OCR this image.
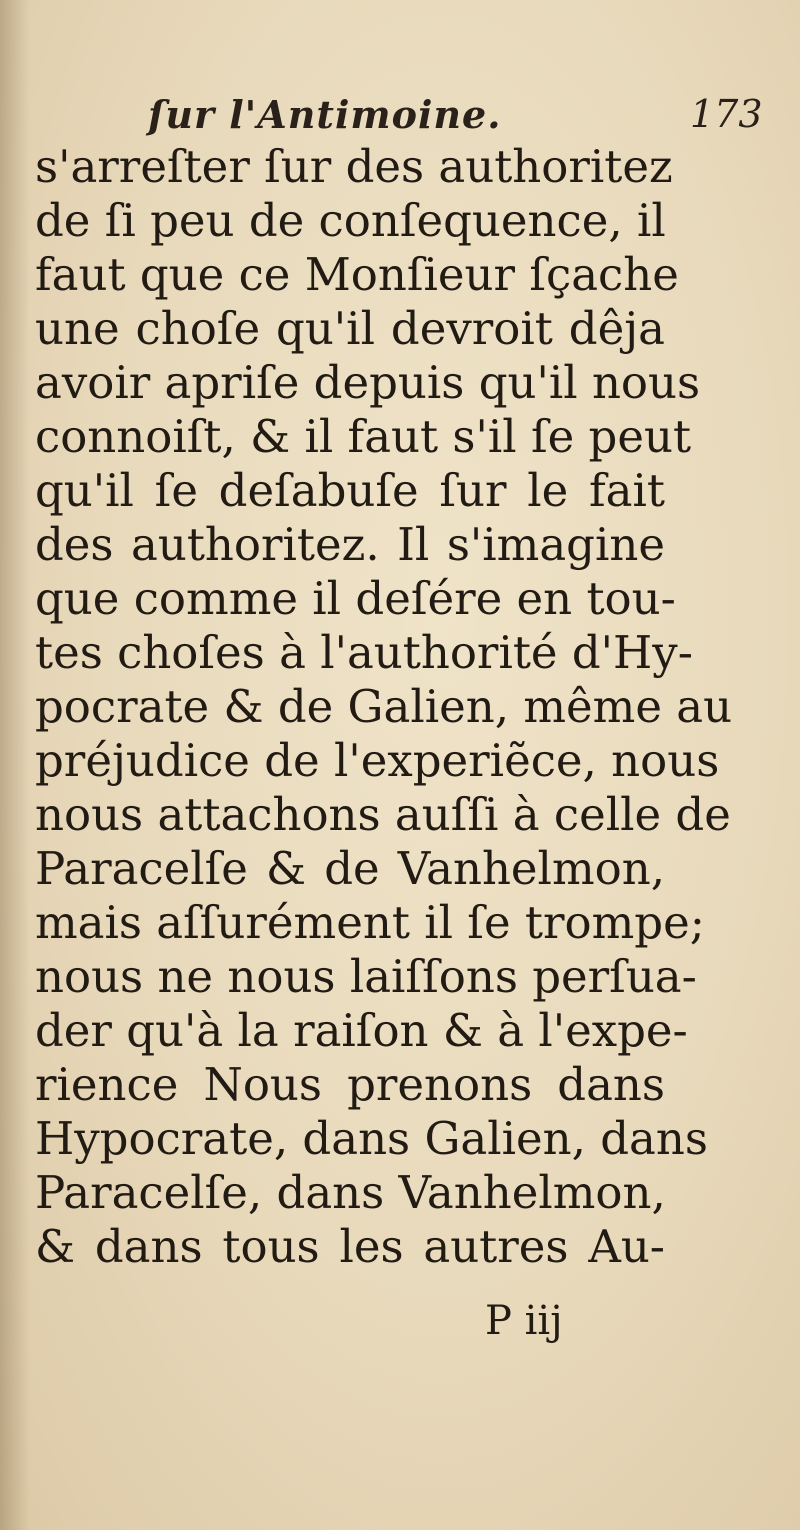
ſur l'Antimoine.	173
s'arreſter ſur des authoritez
de ſi peu de conſequence, il
faut que ce Monſieur ſçache
une choſe qu'il devroit dêja
avoir apriſe depuis qu'il nous
connoiſt, & il faut s'il ſe peut
qu'il ſe deſabuſe ſur le fait
des authoritez. Il s'imagine
que comme il deſére en tou-
tes choſes à l'authorité d'Hy-
pocrate & de Galien, même au
préjudice de l'experiẽce, nous
nous attachons auſſi à celle de
Paracelſe & de Vanhelmon,
mais aſſurément il ſe trompe;
nous ne nous laiſſons perſua-
der qu'à la raiſon & à l'expe-
rience Nous prenons dans
Hypocrate, dans Galien, dans
Paracelſe, dans Vanhelmon,
& dans tous les autres Au-
P iij
